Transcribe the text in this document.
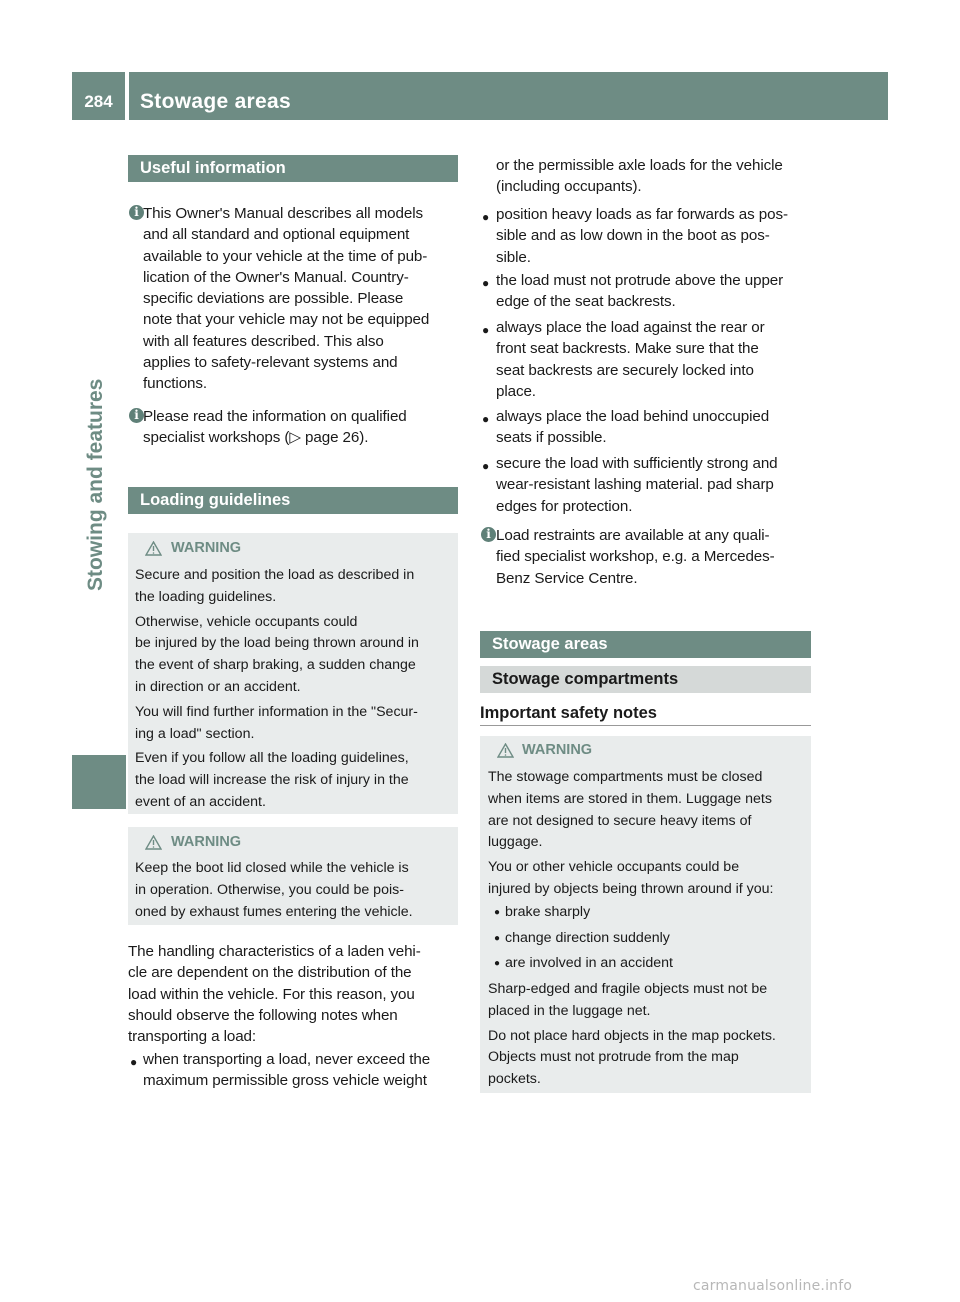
284	Stowage areas
Stowing and features
Useful information
i This Owner's Manual describes all models
and all standard and optional equipment
available to your vehicle at the time of pub-
lication of the Owner's Manual. Country-
specific deviations are possible. Please
note that your vehicle may not be equipped
with all features described. This also
applies to safety-relevant systems and
functions.

i Please read the information on qualified
specialist workshops (▷ page 26).

Loading guidelines
WARNING

Secure and position the load as described in
the loading guidelines.
Otherwise, vehicle occupants could
be injured by the load being thrown around in
the event of sharp braking, a sudden change
in direction or an accident.
You will find further information in the "Secur-
ing a load" section.
Even if you follow all the loading guidelines,
the load will increase the risk of injury in the
event of an accident.

WARNING

Keep the boot lid closed while the vehicle is
in operation. Otherwise, you could be pois-
oned by exhaust fumes entering the vehicle.

The handling characteristics of a laden vehi-
cle are dependent on the distribution of the
load within the vehicle. For this reason, you
should observe the following notes when
transporting a load:

● when transporting a load, never exceed the
maximum permissible gross vehicle weight

or the permissible axle loads for the vehicle
(including occupants).

● position heavy loads as far forwards as pos-
sible and as low down in the boot as pos-
sible.

● the load must not protrude above the upper
edge of the seat backrests.

● always place the load against the rear or
front seat backrests. Make sure that the
seat backrests are securely locked into
place.

● always place the load behind unoccupied
seats if possible.

● secure the load with sufficiently strong and
wear-resistant lashing material. pad sharp
edges for protection.

i Load restraints are available at any quali-
fied specialist workshop, e.g. a Mercedes-
Benz Service Centre.

Stowage areas
Stowage compartments
Important safety notes
WARNING

The stowage compartments must be closed
when items are stored in them. Luggage nets
are not designed to secure heavy items of
luggage.
You or other vehicle occupants could be
injured by objects being thrown around if you:

● brake sharply

● change direction suddenly

● are involved in an accident

Sharp-edged and fragile objects must not be
placed in the luggage net.
Do not place hard objects in the map pockets.
Objects must not protrude from the map
pockets.

carmanualsonline.info
